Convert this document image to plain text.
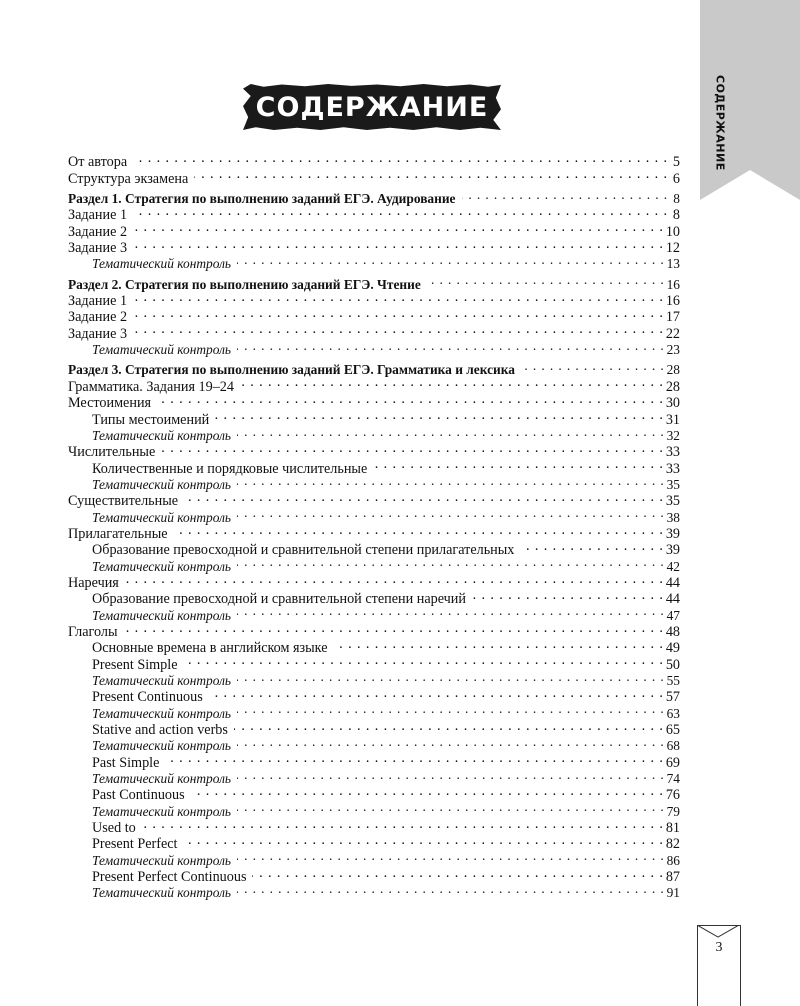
СОДЕРЖАНИЕ
СОДЕРЖАНИЕ
От автора . . .	5
Структура экзамена . . .	6
Раздел 1. Стратегия по выполнению заданий ЕГЭ. Аудирование . . .	8
Задание 1 . . .	8
Задание 2 . . .	10
Задание 3 . . .	12
Тематический контроль . . .	13
Раздел 2. Стратегия по выполнению заданий ЕГЭ. Чтение . . .	16
Задание 1 . . .	16
Задание 2 . . .	17
Задание 3 . . .	22
Тематический контроль . . .	23
Раздел 3. Стратегия по выполнению заданий ЕГЭ. Грамматика и лексика . . .	28
Грамматика. Задания 19–24 . . .	28
Местоимения . . .	30
Типы местоимений . . .	31
Тематический контроль . . .	32
Числительные . . .	33
Количественные и порядковые числительные . . .	33
Тематический контроль . . .	35
Существительные . . .	35
Тематический контроль . . .	38
Прилагательные . . .	39
Образование превосходной и сравнительной степени прилагательных . . .	39
Тематический контроль . . .	42
Наречия . . .	44
Образование превосходной и сравнительной степени наречий . . .	44
Тематический контроль . . .	47
Глаголы . . .	48
Основные времена в английском языке . . .	49
Present Simple . . .	50
Тематический контроль . . .	55
Present Continuous . . .	57
Тематический контроль . . .	63
Stative and action verbs . . .	65
Тематический контроль . . .	68
Past Simple . . .	69
Тематический контроль . . .	74
Past Continuous . . .	76
Тематический контроль . . .	79
Used to . . .	81
Present Perfect . . .	82
Тематический контроль . . .	86
Present Perfect Continuous . . .	87
Тематический контроль . . .	91
3
